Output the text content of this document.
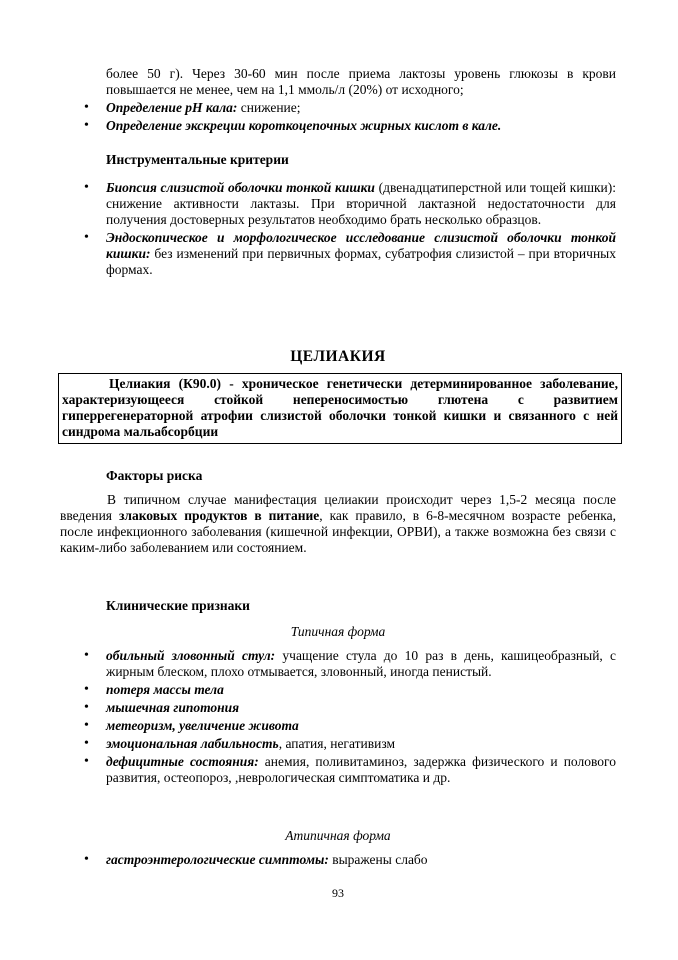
более 50 г). Через 30-60 мин после приема лактозы уровень глюкозы в крови повышается не менее, чем на 1,1 ммоль/л (20%) от исходного;
• Определение рН кала: снижение;
• Определение экскреции короткоцепочных жирных кислот в кале.
Инструментальные критерии
• Биопсия слизистой оболочки тонкой кишки (двенадцатиперстной или тощей кишки): снижение активности лактазы. При вторичной лактазной недостаточности для получения достоверных результатов необходимо брать несколько образцов.
• Эндоскопическое и морфологическое исследование слизистой оболочки тонкой кишки: без изменений при первичных формах, субатрофия слизистой – при вторичных формах.
ЦЕЛИАКИЯ
Целиакия (К90.0) - хроническое генетически детерминированное заболевание, характеризующееся стойкой непереносимостью глютена с развитием гиперрегенераторной атрофии слизистой оболочки тонкой кишки и связанного с ней синдрома мальабсорбции
Факторы риска
В типичном случае манифестация целиакии происходит через 1,5-2 месяца после введения злаковых продуктов в питание, как правило, в 6-8-месячном возрасте ребенка, после инфекционного заболевания (кишечной инфекции, ОРВИ), а также возможна без связи с каким-либо заболеванием или состоянием.
Клинические признаки
Типичная форма
• обильный зловонный стул: учащение стула до 10 раз в день, кашицеобразный, с жирным блеском, плохо отмывается, зловонный, иногда пенистый.
• потеря массы тела
• мышечная гипотония
• метеоризм, увеличение живота
• эмоциональная лабильность, апатия, негативизм
• дефицитные состояния: анемия, поливитаминоз, задержка физического и полового развития, остеопороз, ,неврологическая симптоматика и др.
Атипичная форма
• гастроэнтерологические симптомы: выражены слабо
93
